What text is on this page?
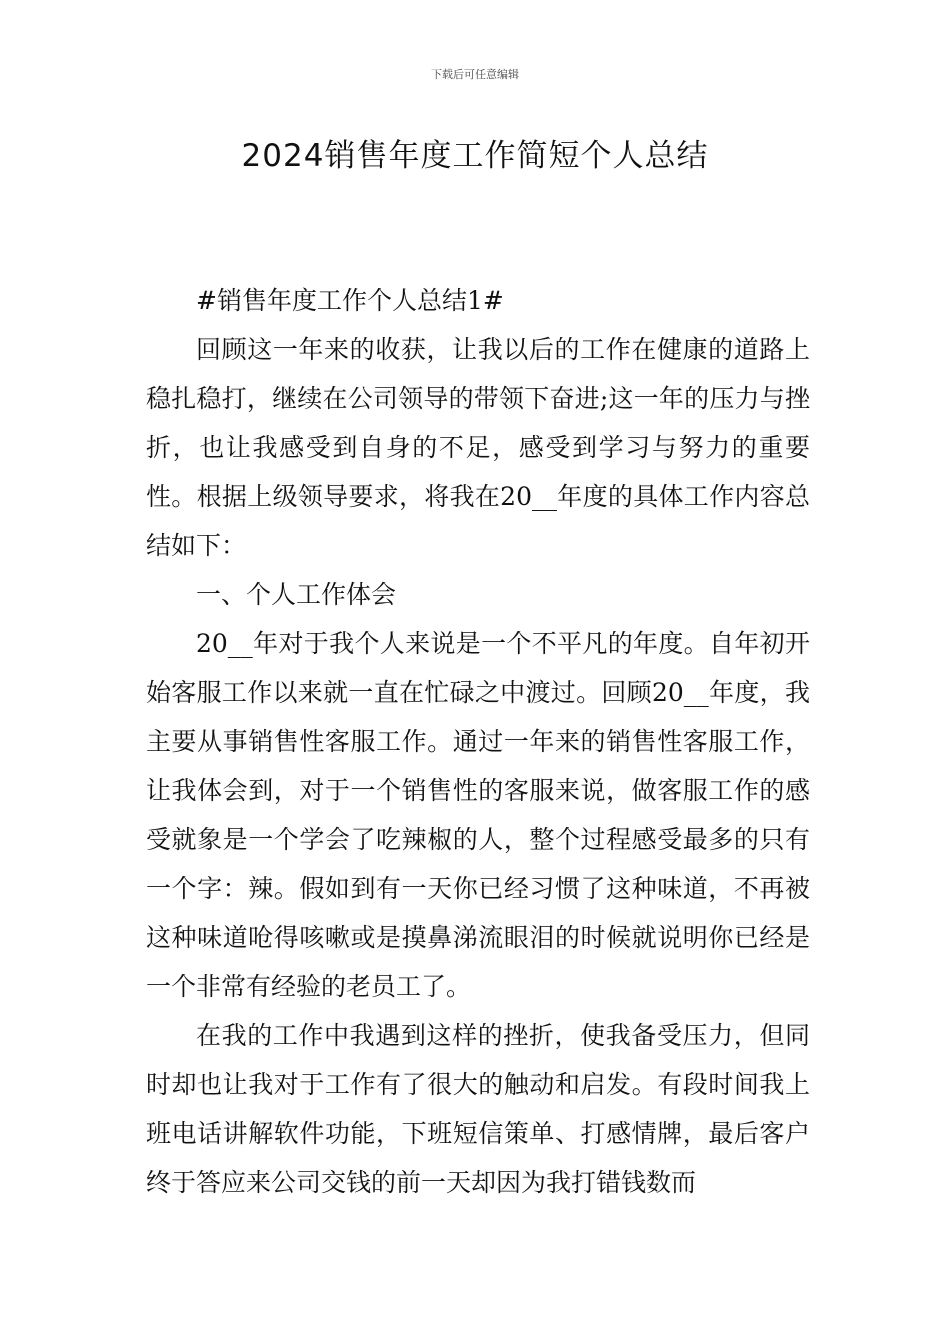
下载后可任意编辑
2024销售年度工作简短个人总结

#销售年度工作个人总结1#

回顾这一年来的收获，让我以后的工作在健康的道路上稳扎稳打，继续在公司领导的带领下奋进;这一年的压力与挫折，也让我感受到自身的不足，感受到学习与努力的重要性。根据上级领导要求，将我在20__年度的具体工作内容总结如下：

一、个人工作体会

20__年对于我个人来说是一个不平凡的年度。自年初开始客服工作以来就一直在忙碌之中渡过。回顾20__年度，我主要从事销售性客服工作。通过一年来的销售性客服工作，让我体会到，对于一个销售性的客服来说，做客服工作的感受就象是一个学会了吃辣椒的人，整个过程感受最多的只有一个字：辣。假如到有一天你已经习惯了这种味道，不再被这种味道呛得咳嗽或是摸鼻涕流眼泪的时候就说明你已经是一个非常有经验的老员工了。

在我的工作中我遇到这样的挫折，使我备受压力，但同时却也让我对于工作有了很大的触动和启发。有段时间我上班电话讲解软件功能，下班短信策单、打感情牌，最后客户终于答应来公司交钱的前一天却因为我打错钱数而
